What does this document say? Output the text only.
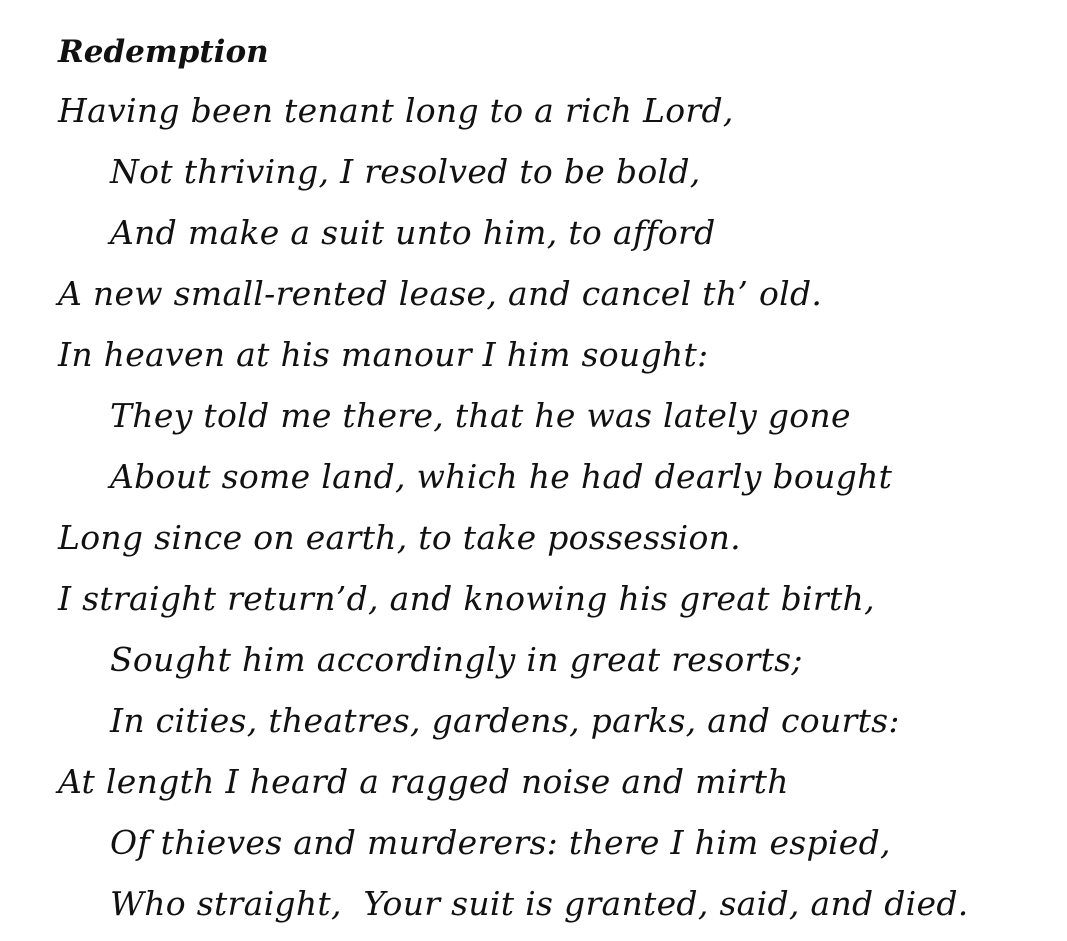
Redemption
Having been tenant long to a rich Lord,
Not thriving, I resolved to be bold,
And make a suit unto him, to afford
A new small-rented lease, and cancel th’ old.
In heaven at his manour I him sought:
They told me there, that he was lately gone
About some land, which he had dearly bought
Long since on earth, to take possession.
I straight return’d, and knowing his great birth,
Sought him accordingly in great resorts;
In cities, theatres, gardens, parks, and courts:
At length I heard a ragged noise and mirth
Of thieves and murderers: there I him espied,
Who straight,  Your suit is granted, said, and died.
